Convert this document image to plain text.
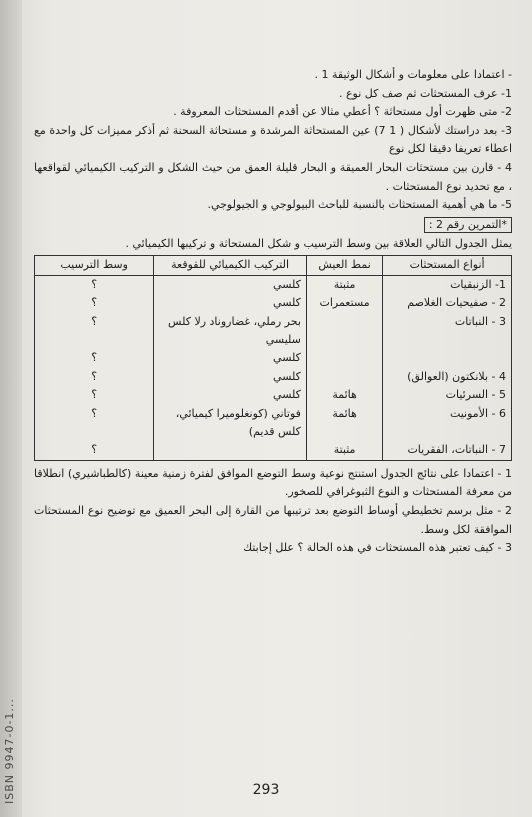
ISBN 9947-0-1...

- اعتمادا على معلومات و أشكال الوثيقة 1 .

1- عرف المستحثات ثم صف كل نوع .

2- متى ظهرت أول مستحاثة ؟ أعطي مثالا عن أقدم المستحثات المعروفة .

3- بعد دراستك لأشكال ( 1 7) عين المستحاثة المرشدة و مستحاثة السحنة ثم أذكر مميزات كل واحدة مع اعطاء تعريفا دقيقا لكل نوع

4 - قارن بين مستحثات البحار العميقة و البحار قليلة العمق من حيث الشكل و التركيب الكيميائي لقواقعها ، مع تحديد نوع المستحثات .

5- ما هي أهمية المستحثات بالنسبة للباحث البيولوجي و الجيولوجي.

*التمرين رقم 2 :

يمثل الجدول التالي العلاقة بين وسط الترسيب و شكل المستحاثة و تركيبها الكيميائي .

أنواع المستحثات	نمط العيش	التركيب الكيميائي للقوقعة	وسط الترسيب
1- الزنبقيات	مثبتة	كلسي	؟
2 - صفيحيات الغلاصم	مستعمرات	كلسي	؟
3 - النباتات		بحر رملي، غضاروناد رلا كلس سليسي	؟
		كلسي	؟
4 - بلانكتون (العوالق)		كلسي	؟
5 - السرئيات	هائمة	كلسي	؟
6 - الأمونيت	هائمة	فوتاني (كونغلوميرا كيميائي، كلس قديم)	؟
7 - النباتات، الفقريات	مثبتة		؟

1 - اعتمادا على نتائج الجدول استنتج نوعية وسط التوضع الموافق لفترة زمنية معينة (كالطباشيري) انطلاقا من معرفة المستحثات و النوع الثبوغرافي للصخور.

2 - مثل برسم تخطيطي أوساط التوضع بعد ترتيبها من القارة إلى البحر العميق مع توضيح نوع المستحثات الموافقة لكل وسط.

3 - كيف تعتبر هذه المستحثات في هذه الحالة ؟ علل إجابتك

293
